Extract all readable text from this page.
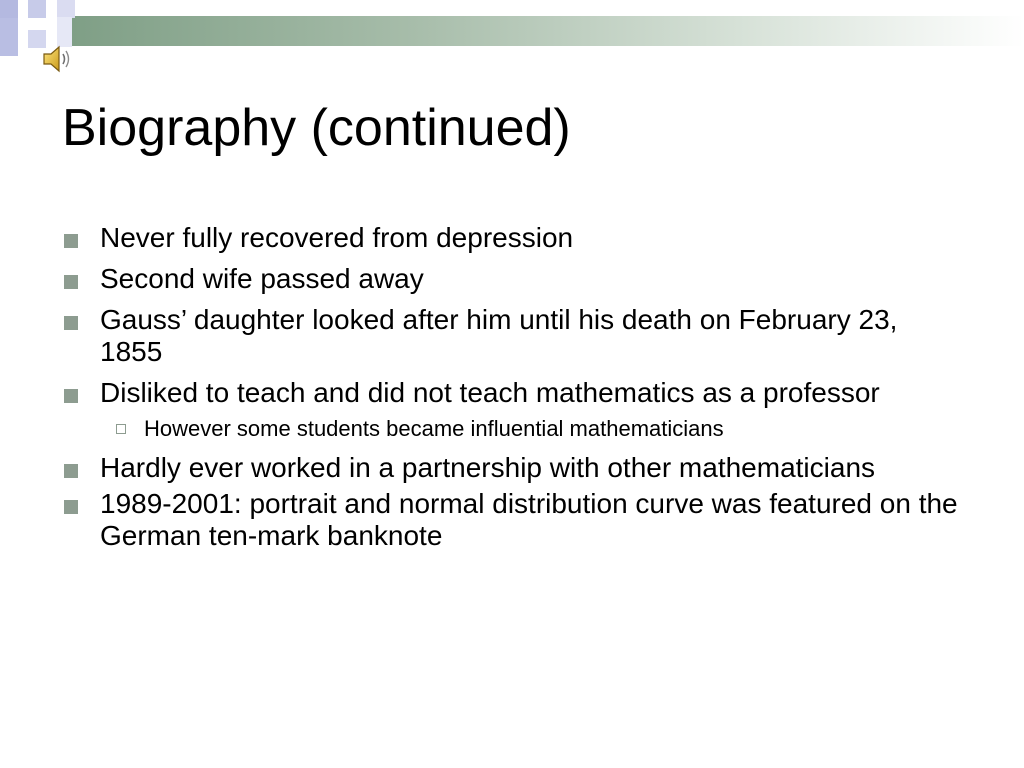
Biography (continued)
Never fully recovered from depression
Second wife passed away
Gauss’ daughter looked after him until his death on February 23, 1855
Disliked to teach and did not teach mathematics as a professor
However some students became influential mathematicians
Hardly ever worked in a partnership with other mathematicians
1989-2001: portrait and normal distribution curve was featured on the German ten-mark banknote
